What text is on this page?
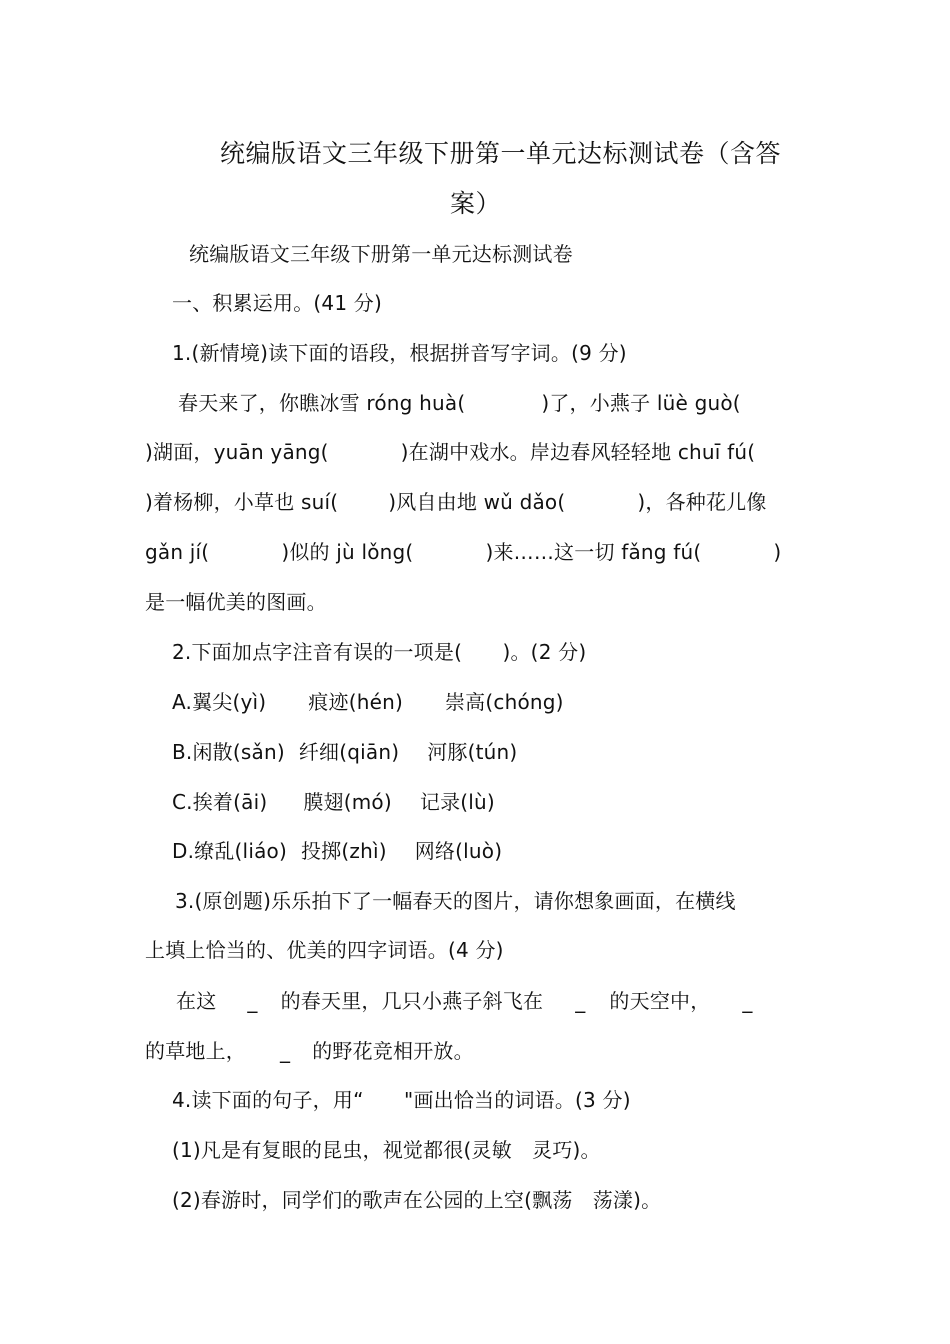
统编版语文三年级下册第一单元达标测试卷（含答
案）
统编版语文三年级下册第一单元达标测试卷
一、积累运用。(41 分)
1.(新情境)读下面的语段，根据拼音写字词。(9 分)
春天来了，你瞧冰雪 róng huà(	)了，小燕子 lüè guò(
)湖面，yuān yāng(	)在湖中戏水。岸边春风轻轻地 chuī fú(
)着杨柳，小草也 suí(	)风自由地 wǔ dǎo(	)，各种花儿像
gǎn jí(	)似的 jù lǒng(	)来……这一切 fǎng fú(	)
是一幅优美的图画。
2.下面加点字注音有误的一项是(　　)。(2 分)
A.翼尖(yì) 痕迹(hén) 崇高(chóng)
B.闲散(sǎn) 纤细(qiān) 河豚(tún)
C.挨着(āi) 膜翅(mó) 记录(lù)
D.缭乱(liáo) 投掷(zhì) 网络(luò)
3.(原创题)乐乐拍下了一幅春天的图片，请你想象画面，在横线
上填上恰当的、优美的四字词语。(4 分)
在这 _ 的春天里，几只小燕子斜飞在 _ 的天空中， _
的草地上， _ 的野花竞相开放。
4.读下面的句子，用“　　"画出恰当的词语。(3 分)
(1)凡是有复眼的昆虫，视觉都很(灵敏　灵巧)。
(2)春游时，同学们的歌声在公园的上空(飘荡　荡漾)。
